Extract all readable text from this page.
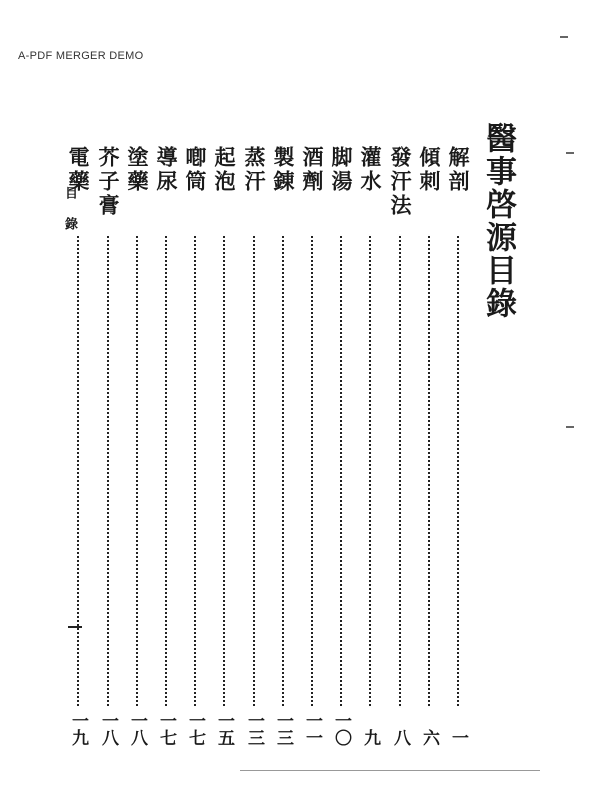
A-PDF MERGER DEMO
醫事啓源目錄
解剖
一
傾刺
六
發汗法
八
灌水
九
脚湯
一〇
酒劑
一一
製錬
一三
蒸汗
一三
起泡
一五
喞筒
一七
導尿
一七
塗藥
一八
芥子膏
一八
電藥
一九
目錄
